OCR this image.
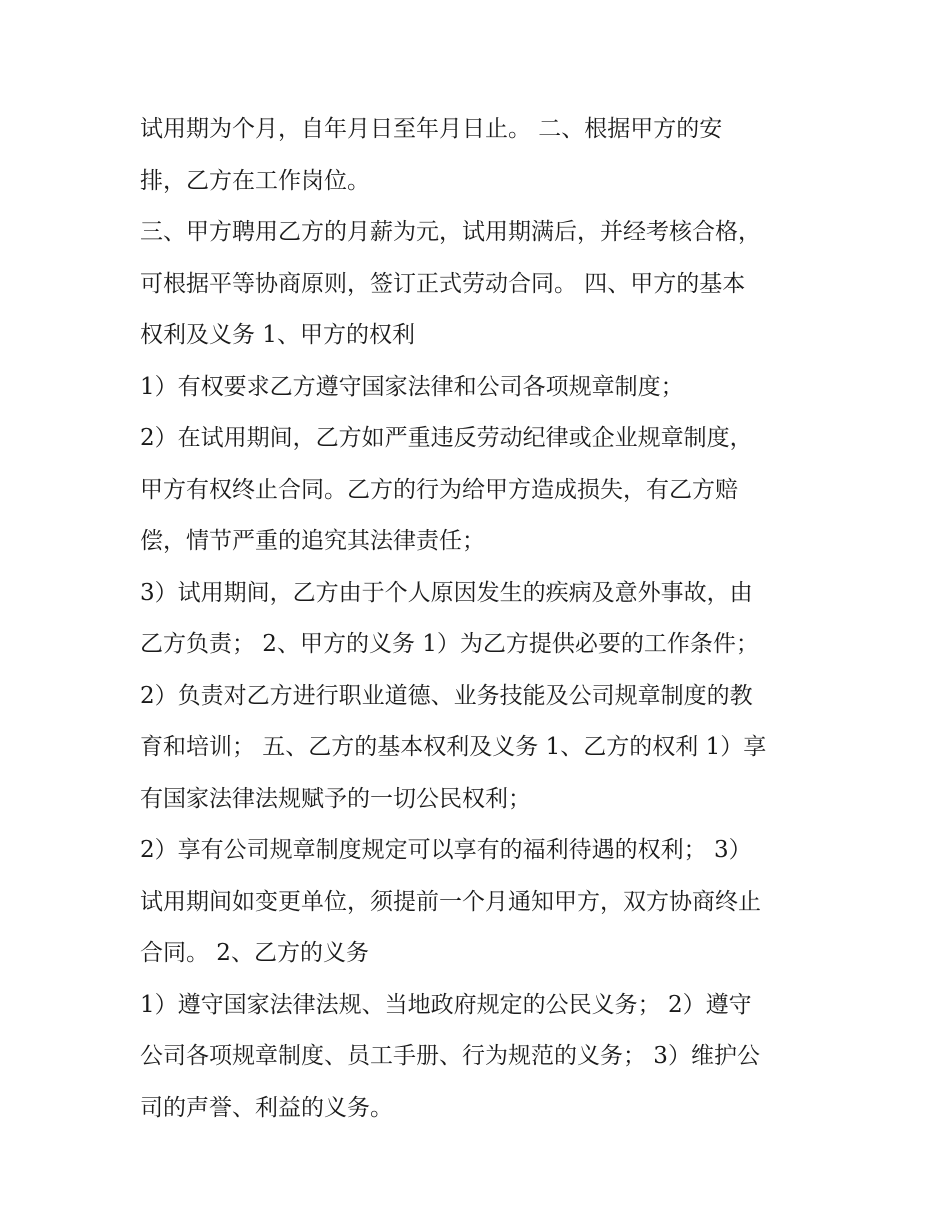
试用期为个月，自年月日至年月日止。 二、根据甲方的安
排，乙方在工作岗位。
三、甲方聘用乙方的月薪为元，试用期满后，并经考核合格，
可根据平等协商原则，签订正式劳动合同。 四、甲方的基本
权利及义务 1、甲方的权利
1）有权要求乙方遵守国家法律和公司各项规章制度；
2）在试用期间，乙方如严重违反劳动纪律或企业规章制度，
甲方有权终止合同。乙方的行为给甲方造成损失，有乙方赔
偿，情节严重的追究其法律责任；
3）试用期间，乙方由于个人原因发生的疾病及意外事故，由
乙方负责； 2、甲方的义务 1）为乙方提供必要的工作条件；
2）负责对乙方进行职业道德、业务技能及公司规章制度的教
育和培训； 五、乙方的基本权利及义务 1、乙方的权利 1）享
有国家法律法规赋予的一切公民权利；
2）享有公司规章制度规定可以享有的福利待遇的权利； 3）
试用期间如变更单位，须提前一个月通知甲方，双方协商终止
合同。 2、乙方的义务
1）遵守国家法律法规、当地政府规定的公民义务； 2）遵守
公司各项规章制度、员工手册、行为规范的义务； 3）维护公
司的声誉、利益的义务。
